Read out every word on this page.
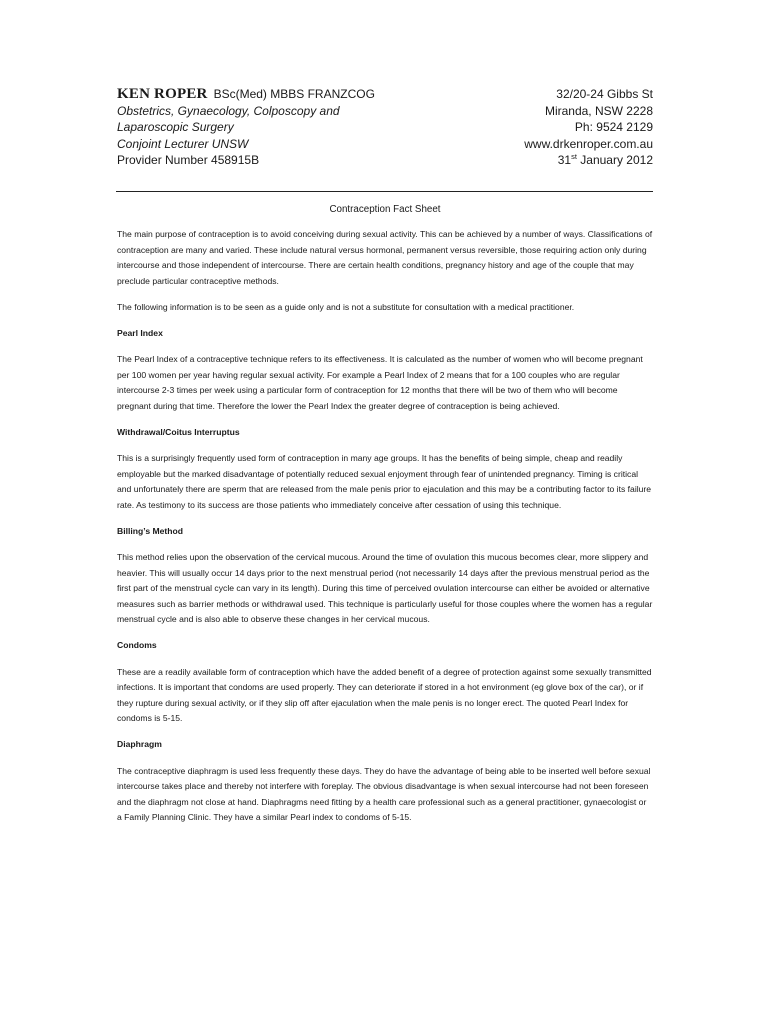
KEN ROPER BSc(Med) MBBS FRANZCOG
Obstetrics, Gynaecology, Colposcopy and
Laparoscopic Surgery
Conjoint Lecturer UNSW
Provider Number 458915B
32/20-24 Gibbs St
Miranda, NSW 2228
Ph: 9524 2129
www.drkenroper.com.au
31st January 2012
Contraception Fact Sheet

The main purpose of contraception is to avoid conceiving during sexual activity. This can be achieved by a number of ways. Classifications of contraception are many and varied. These include natural versus hormonal, permanent versus reversible, those requiring action only during intercourse and those independent of intercourse. There are certain health conditions, pregnancy history and age of the couple that may preclude particular contraceptive methods.

The following information is to be seen as a guide only and is not a substitute for consultation with a medical practitioner.

Pearl Index

The Pearl Index of a contraceptive technique refers to its effectiveness. It is calculated as the number of women who will become pregnant per 100 women per year having regular sexual activity. For example a Pearl Index of 2 means that for a 100 couples who are regular intercourse 2-3 times per week using a particular form of contraception for 12 months that there will be two of them who will become pregnant during that time. Therefore the lower the Pearl Index the greater degree of contraception is being achieved.

Withdrawal/Coitus Interruptus

This is a surprisingly frequently used form of contraception in many age groups. It has the benefits of being simple, cheap and readily employable but the marked disadvantage of potentially reduced sexual enjoyment through fear of unintended pregnancy. Timing is critical and unfortunately there are sperm that are released from the male penis prior to ejaculation and this may be a contributing factor to its failure rate. As testimony to its success are those patients who immediately conceive after cessation of using this technique.

Billing’s Method

This method relies upon the observation of the cervical mucous. Around the time of ovulation this mucous becomes clear, more slippery and heavier. This will usually occur 14 days prior to the next menstrual period (not necessarily 14 days after the previous menstrual period as the first part of the menstrual cycle can vary in its length). During this time of perceived ovulation intercourse can either be avoided or alternative measures such as barrier methods or withdrawal used. This technique is particularly useful for those couples where the women has a regular menstrual cycle and is also able to observe these changes in her cervical mucous.

Condoms

These are a readily available form of contraception which have the added benefit of a degree of protection against some sexually transmitted infections. It is important that condoms are used properly. They can deteriorate if stored in a hot environment (eg glove box of the car), or if they rupture during sexual activity, or if they slip off after ejaculation when the male penis is no longer erect. The quoted Pearl Index for condoms is 5-15.

Diaphragm

The contraceptive diaphragm is used less frequently these days. They do have the advantage of being able to be inserted well before sexual intercourse takes place and thereby not interfere with foreplay. The obvious disadvantage is when sexual intercourse had not been foreseen and the diaphragm not close at hand. Diaphragms need fitting by a health care professional such as a general practitioner, gynaecologist or a Family Planning Clinic. They have a similar Pearl index to condoms of 5-15.
